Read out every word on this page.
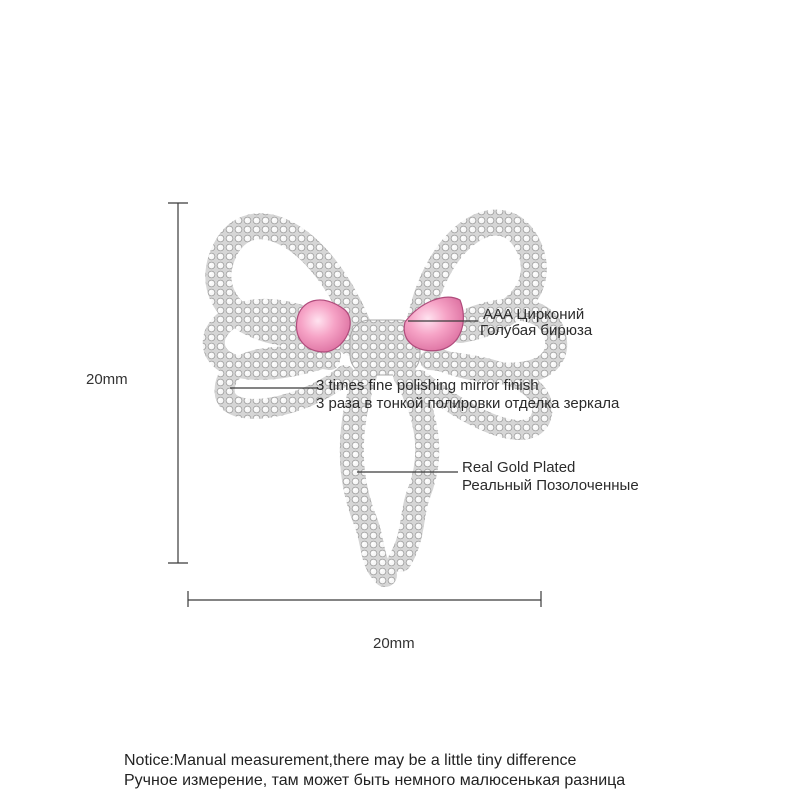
20mm
20mm
AAA Цирконий
Голубая бирюза
3 times fine polishing mirror finish
3 раза в тонкой полировки отделка зеркала
Real Gold Plated
Реальный Позолоченные
Notice:Manual measurement,there may be a little tiny difference
Ручное измерение, там может быть немного малюсенькая разница
